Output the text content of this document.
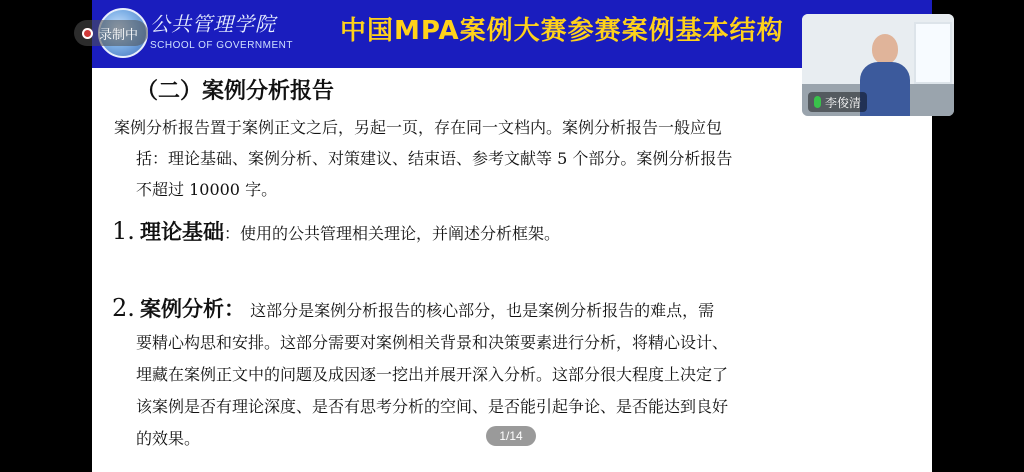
公共管理学院
SCHOOL OF GOVERNMENT 中国MPA案例大赛参赛案例基本结构
（二）案例分析报告
案例分析报告置于案例正文之后，另起一页，存在同一文档内。案例分析报告一般应包
括：理论基础、案例分析、对策建议、结束语、参考文献等 5 个部分。案例分析报告
不超过 10000 字。
1. 理论基础：使用的公共管理相关理论，并阐述分析框架。
2. 案例分析： 这部分是案例分析报告的核心部分，也是案例分析报告的难点，需
要精心构思和安排。这部分需要对案例相关背景和决策要素进行分析，将精心设计、
埋藏在案例正文中的问题及成因逐一挖出并展开深入分析。这部分很大程度上决定了
该案例是否有理论深度、是否有思考分析的空间、是否能引起争论、是否能达到良好
的效果。	1/14
录制中
李俊清
